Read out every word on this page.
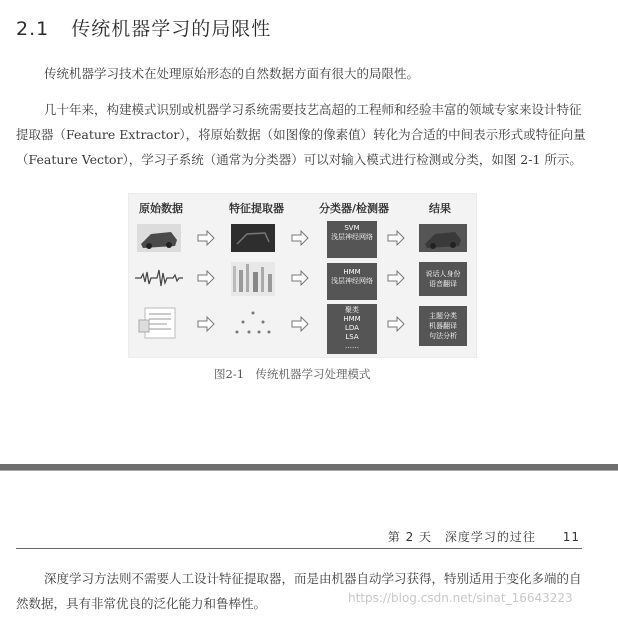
2.1 传统机器学习的局限性
传统机器学习技术在处理原始形态的自然数据方面有很大的局限性。
几十年来，构建模式识别或机器学习系统需要技艺高超的工程师和经验丰富的领域专家来设计特征提取器（Feature Extractor），将原始数据（如图像的像素值）转化为合适的中间表示形式或特征向量（Feature Vector），学习子系统（通常为分类器）可以对输入模式进行检测或分类，如图 2-1 所示。
原始数据	特征提取器	分类器/检测器	结果
SVM
浅层神经网络
HMM
浅层神经网络
说话人身份
语音翻译
聚类
HMM
LDA
LSA
……
主题分类
机器翻译
句法分析
图2-1　传统机器学习处理模式
第 2 天 深度学习的过往 11
深度学习方法则不需要人工设计特征提取器，而是由机器自动学习获得，特别适用于变化多端的自然数据，具有非常优良的泛化能力和鲁棒性。	https://blog.csdn.net/sinat_16643223
